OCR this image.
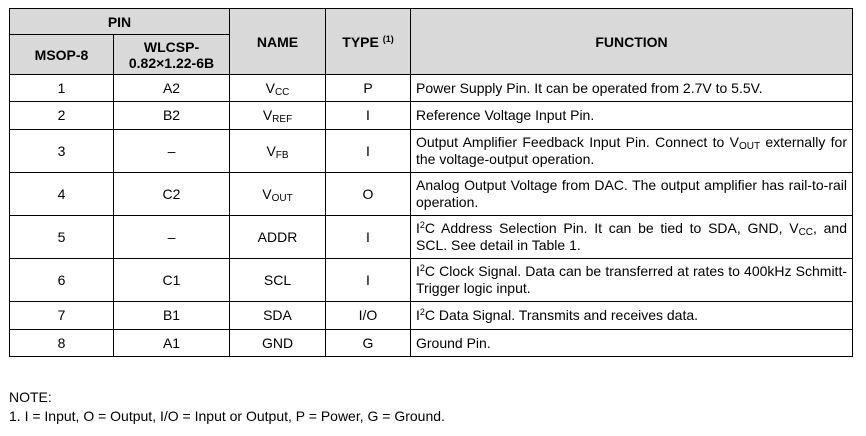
PIN		NAME	TYPE $^{(1)}$	FUNCTION
MSOP-8	WLCSP-
0.82×1.22-6B			
1	A2	$V_{CC}$	P	Power Supply Pin. It can be operated from 2.7V to 5.5V.
2	B2	$V_{REF}$	I	Reference Voltage Input Pin.
3	–	$V_{FB}$	I	Output Amplifier Feedback Input Pin. Connect to $V_{OUT}$ externally for the voltage-output operation.
4	C2	$V_{OUT}$	O	Analog Output Voltage from DAC. The output amplifier has rail-to-rail operation.
5	–	ADDR	I	$I^2C$ Address Selection Pin. It can be tied to SDA, GND, $V_{CC}$, and SCL. See detail in Table 1.
6	C1	SCL	I	$I^2C$ Clock Signal. Data can be transferred at rates to 400kHz Schmitt-Trigger logic input.
7	B1	SDA	I/O	$I^2C$ Data Signal. Transmits and receives data.
8	A1	GND	G	Ground Pin.
NOTE:
1. I = Input, O = Output, I/O = Input or Output, P = Power, G = Ground.
